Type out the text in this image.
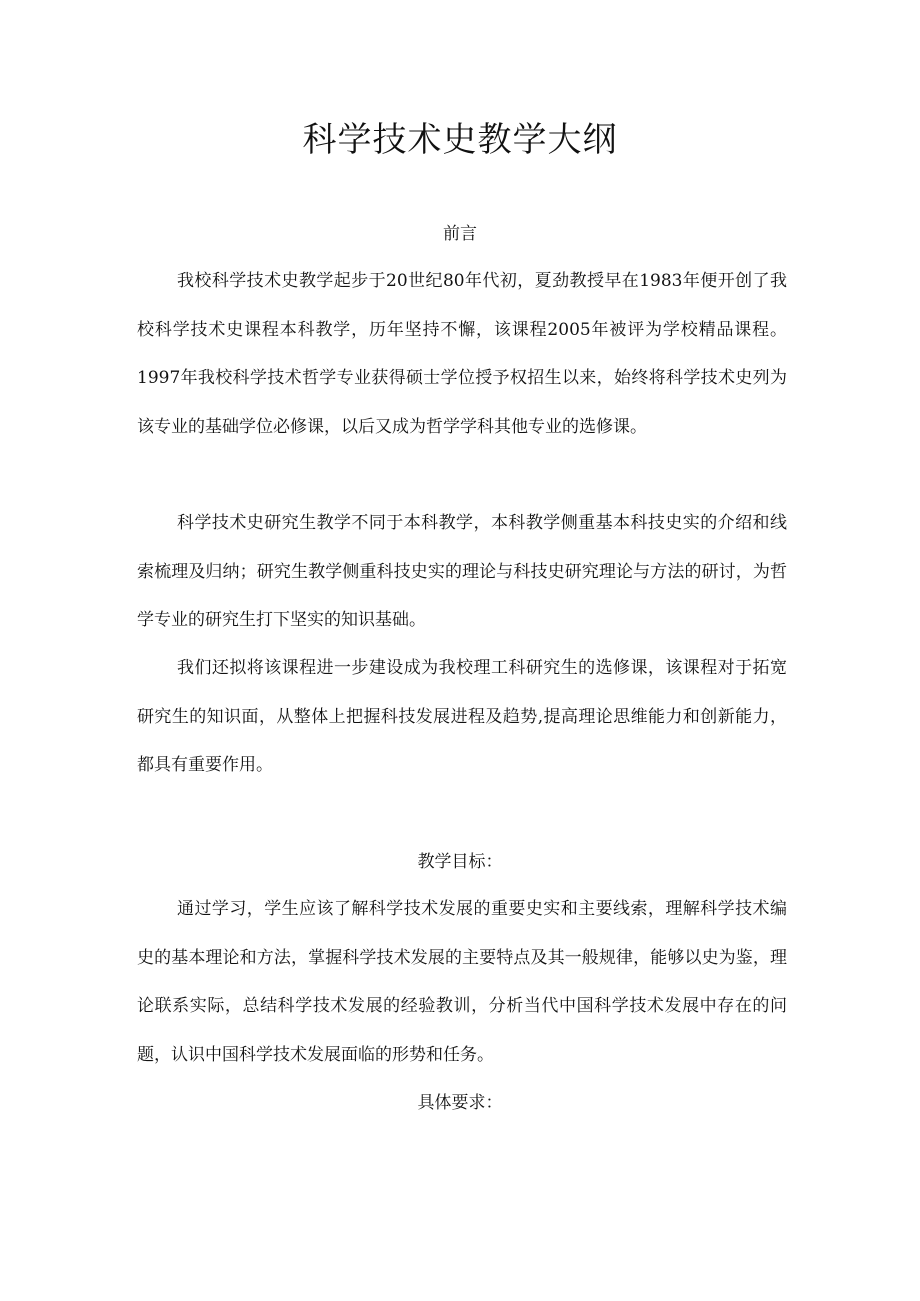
科学技术史教学大纲
前言

我校科学技术史教学起步于20世纪80年代初，夏劲教授早在1983年便开创了我校科学技术史课程本科教学，历年坚持不懈，该课程2005年被评为学校精品课程。1997年我校科学技术哲学专业获得硕士学位授予权招生以来，始终将科学技术史列为该专业的基础学位必修课，以后又成为哲学学科其他专业的选修课。

科学技术史研究生教学不同于本科教学，本科教学侧重基本科技史实的介绍和线索梳理及归纳；研究生教学侧重科技史实的理论与科技史研究理论与方法的研讨，为哲学专业的研究生打下坚实的知识基础。

我们还拟将该课程进一步建设成为我校理工科研究生的选修课，该课程对于拓宽研究生的知识面，从整体上把握科技发展进程及趋势,提高理论思维能力和创新能力，都具有重要作用。

教学目标：

通过学习，学生应该了解科学技术发展的重要史实和主要线索，理解科学技术编史的基本理论和方法，掌握科学技术发展的主要特点及其一般规律，能够以史为鉴，理论联系实际，总结科学技术发展的经验教训，分析当代中国科学技术发展中存在的问题，认识中国科学技术发展面临的形势和任务。

具体要求：
